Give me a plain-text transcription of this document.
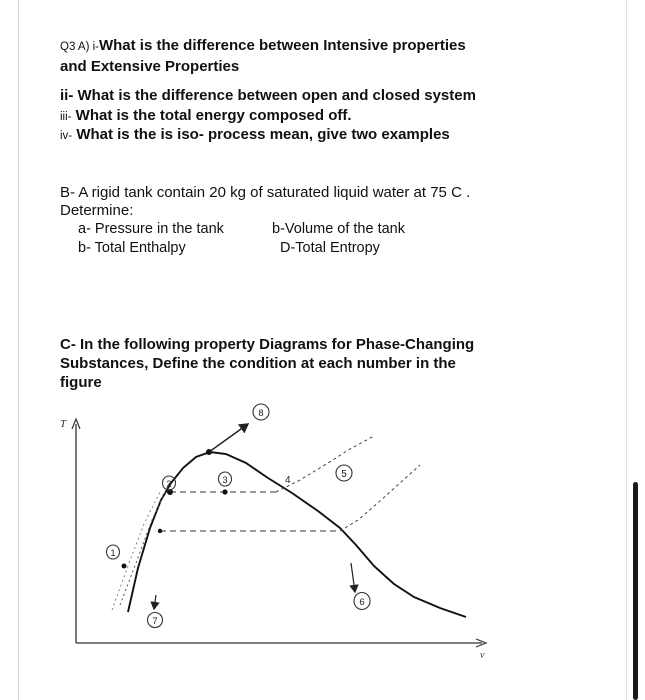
Q3 A) i-What is the difference between Intensive properties
and Extensive Properties
ii- What is the difference between open and closed system
iii- What is the total energy composed off.
iv- What is the is iso- process mean, give two examples
B- A rigid tank contain 20 kg of saturated liquid water at 75 C .
Determine:
a- Pressure in the tank	b-Volume of the tank
b- Total Enthalpy	D-Total Entropy
C- In the following property Diagrams for Phase-Changing
Substances, Define the condition at each number in the
figure
T
v
1
2	3	4
5
6
7
8
